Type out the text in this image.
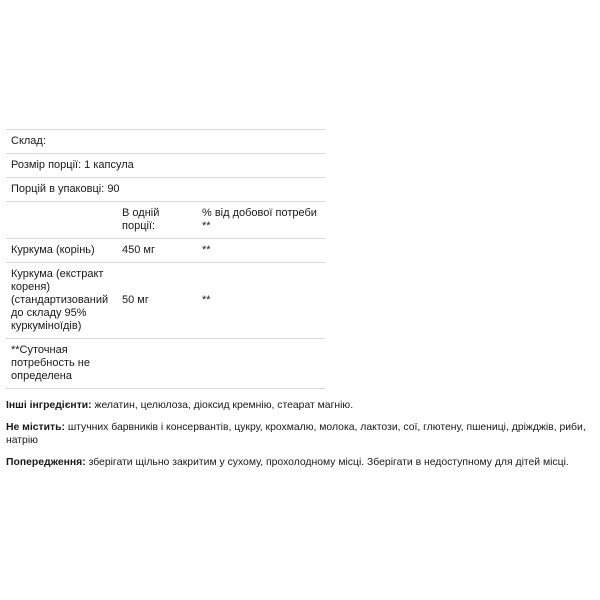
Склад:		
Розмір порції: 1 капсула		
Порцій в упаковці: 90		
	В одній порції:	% від добової потреби **
Куркума (корінь)	450 мг	**
Куркума (екстракт кореня) (стандартизований до складу 95% куркуміноїдів)	50 мг	**
**Суточная потребность не определена		

Інші інгредієнти: желатин, целюлоза, діоксид кремнію, стеарат магнію.

Не містить: штучних барвників і консервантів, цукру, крохмалю, молока, лактози, сої, глютену, пшениці, дріжджів, риби, натрію

Попередження: зберігати щільно закритим у сухому, прохолодному місці. Зберігати в недоступному для дітей місці.
